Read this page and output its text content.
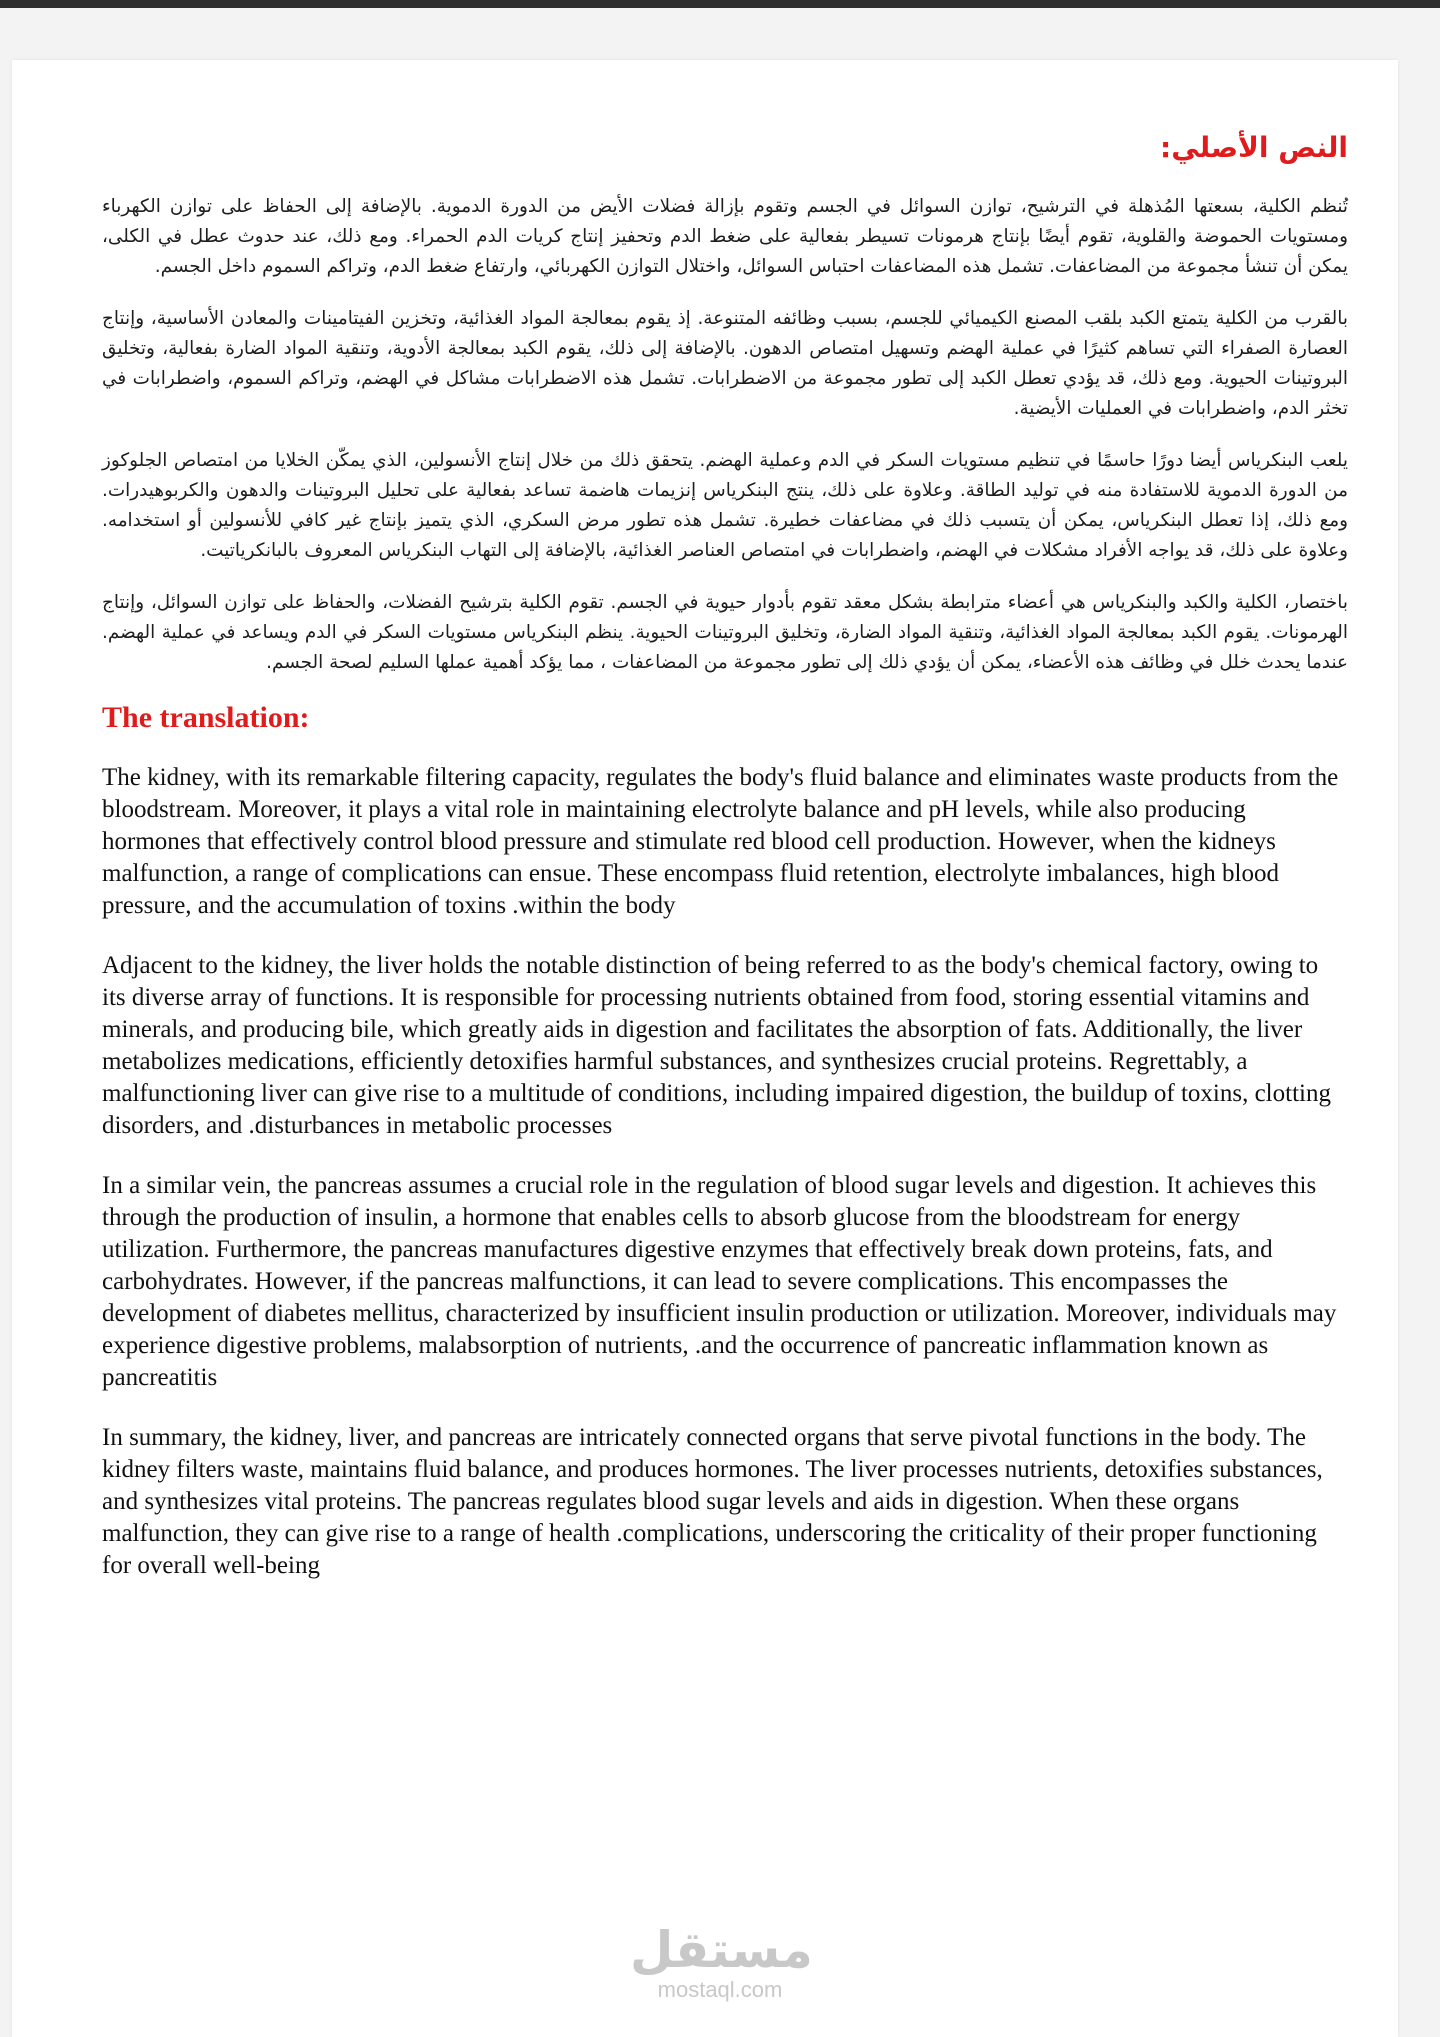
النص الأصلي:

تُنظم الكلية، بسعتها المُذهلة في الترشيح، توازن السوائل في الجسم وتقوم بإزالة فضلات الأيض من الدورة الدموية. بالإضافة إلى الحفاظ على توازن الكهرباء ومستويات الحموضة والقلوية، تقوم أيضًا بإنتاج هرمونات تسيطر بفعالية على ضغط الدم وتحفيز إنتاج كريات الدم الحمراء. ومع ذلك، عند حدوث عطل في الكلى، يمكن أن تنشأ مجموعة من المضاعفات. تشمل هذه المضاعفات احتباس السوائل، واختلال التوازن الكهربائي، وارتفاع ضغط الدم، وتراكم السموم داخل الجسم.

بالقرب من الكلية يتمتع الكبد بلقب المصنع الكيميائي للجسم، بسبب وظائفه المتنوعة. إذ يقوم بمعالجة المواد الغذائية، وتخزين الفيتامينات والمعادن الأساسية، وإنتاج العصارة الصفراء التي تساهم كثيرًا في عملية الهضم وتسهيل امتصاص الدهون. بالإضافة إلى ذلك، يقوم الكبد بمعالجة الأدوية، وتنقية المواد الضارة بفعالية، وتخليق البروتينات الحيوية. ومع ذلك، قد يؤدي تعطل الكبد إلى تطور مجموعة من الاضطرابات. تشمل هذه الاضطرابات مشاكل في الهضم، وتراكم السموم، واضطرابات في تخثر الدم، واضطرابات في العمليات الأيضية.

يلعب البنكرياس أيضا دورًا حاسمًا في تنظيم مستويات السكر في الدم وعملية الهضم. يتحقق ذلك من خلال إنتاج الأنسولين، الذي يمكّن الخلايا من امتصاص الجلوكوز من الدورة الدموية للاستفادة منه في توليد الطاقة. وعلاوة على ذلك، ينتج البنكرياس إنزيمات هاضمة تساعد بفعالية على تحليل البروتينات والدهون والكربوهيدرات. ومع ذلك، إذا تعطل البنكرياس، يمكن أن يتسبب ذلك في مضاعفات خطيرة. تشمل هذه تطور مرض السكري، الذي يتميز بإنتاج غير كافي للأنسولين أو استخدامه. وعلاوة على ذلك، قد يواجه الأفراد مشكلات في الهضم، واضطرابات في امتصاص العناصر الغذائية، بالإضافة إلى التهاب البنكرياس المعروف بالبانكرياتيت.

باختصار، الكلية والكبد والبنكرياس هي أعضاء مترابطة بشكل معقد تقوم بأدوار حيوية في الجسم. تقوم الكلية بترشيح الفضلات، والحفاظ على توازن السوائل، وإنتاج الهرمونات. يقوم الكبد بمعالجة المواد الغذائية، وتنقية المواد الضارة، وتخليق البروتينات الحيوية. ينظم البنكرياس مستويات السكر في الدم ويساعد في عملية الهضم. عندما يحدث خلل في وظائف هذه الأعضاء، يمكن أن يؤدي ذلك إلى تطور مجموعة من المضاعفات ، مما يؤكد أهمية عملها السليم لصحة الجسم.

The translation:

The kidney, with its remarkable filtering capacity, regulates the body's fluid balance and eliminates waste products from the bloodstream. Moreover, it plays a vital role in maintaining electrolyte balance and pH levels, while also producing hormones that effectively control blood pressure and stimulate red blood cell production. However, when the kidneys malfunction, a range of complications can ensue. These encompass fluid retention, electrolyte imbalances, high blood pressure, and the accumulation of toxins .within the body

Adjacent to the kidney, the liver holds the notable distinction of being referred to as the body's chemical factory, owing to its diverse array of functions. It is responsible for processing nutrients obtained from food, storing essential vitamins and minerals, and producing bile, which greatly aids in digestion and facilitates the absorption of fats. Additionally, the liver metabolizes medications, efficiently detoxifies harmful substances, and synthesizes crucial proteins. Regrettably, a malfunctioning liver can give rise to a multitude of conditions, including impaired digestion, the buildup of toxins, clotting disorders, and .disturbances in metabolic processes

In a similar vein, the pancreas assumes a crucial role in the regulation of blood sugar levels and digestion. It achieves this through the production of insulin, a hormone that enables cells to absorb glucose from the bloodstream for energy utilization. Furthermore, the pancreas manufactures digestive enzymes that effectively break down proteins, fats, and carbohydrates. However, if the pancreas malfunctions, it can lead to severe complications. This encompasses the development of diabetes mellitus, characterized by insufficient insulin production or utilization. Moreover, individuals may experience digestive problems, malabsorption of nutrients, .and the occurrence of pancreatic inflammation known as pancreatitis

In summary, the kidney, liver, and pancreas are intricately connected organs that serve pivotal functions in the body. The kidney filters waste, maintains fluid balance, and produces hormones. The liver processes nutrients, detoxifies substances, and synthesizes vital proteins. The pancreas regulates blood sugar levels and aids in digestion. When these organs malfunction, they can give rise to a range of health .complications, underscoring the criticality of their proper functioning for overall well-being

مستقل
mostaql.com
